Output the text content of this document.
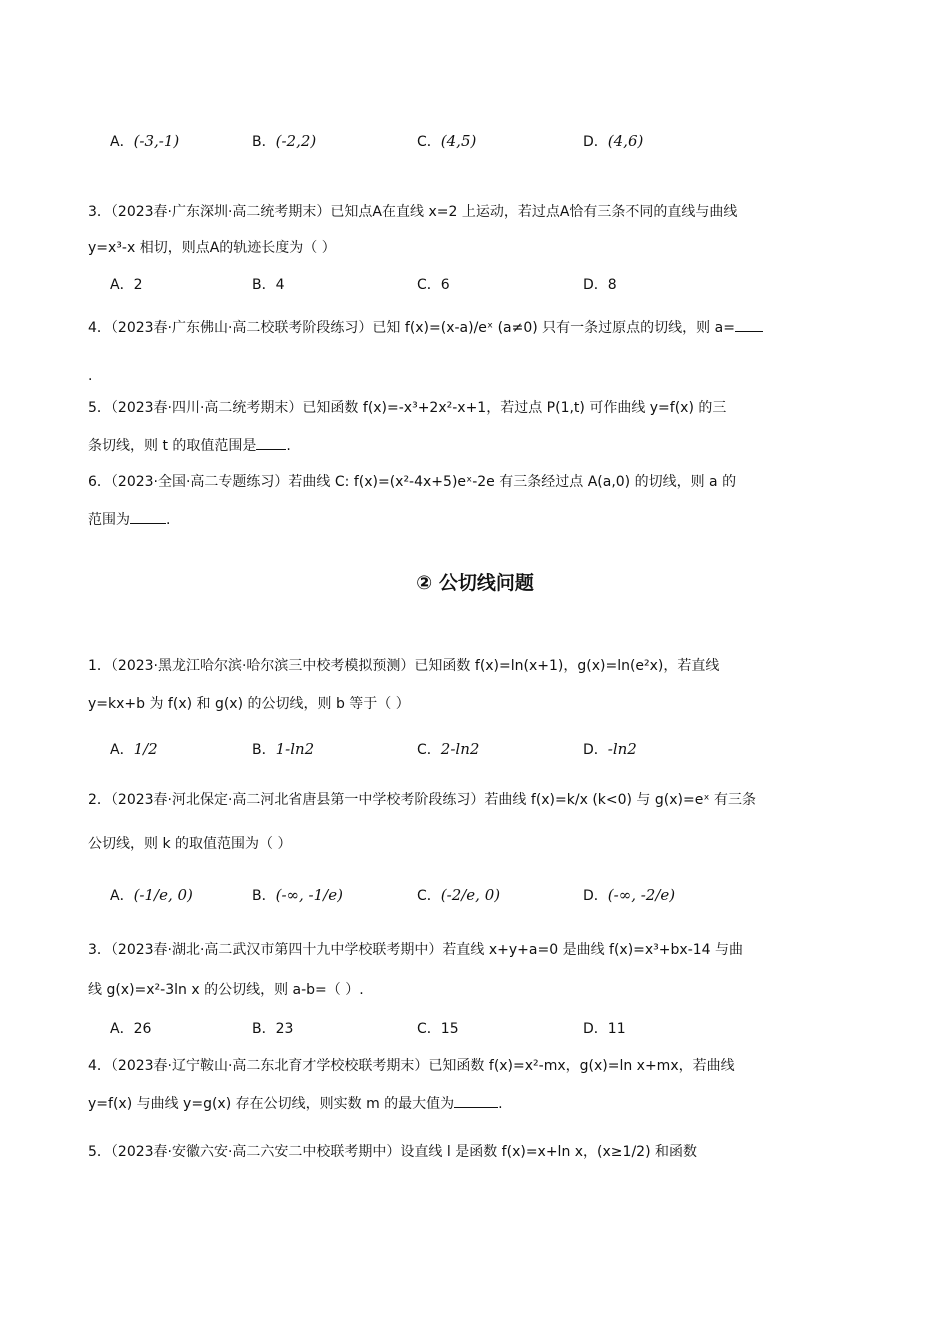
A．(-3,-1)	B．(-2,2)	C．(4,5)	D．(4,6)
3．（2023春·广东深圳·高二统考期末）已知点A在直线 x=2 上运动，若过点A恰有三条不同的直线与曲线
y=x³-x 相切，则点A的轨迹长度为（ ）
A．2	B．4	C．6	D．8
4．（2023春·广东佛山·高二校联考阶段练习）已知 f(x)=(x-a)/eˣ (a≠0) 只有一条过原点的切线，则 a=
.
5．（2023春·四川·高二统考期末）已知函数 f(x)=-x³+2x²-x+1，若过点 P(1,t) 可作曲线 y=f(x) 的三
条切线，则 t 的取值范围是 .
6．（2023·全国·高二专题练习）若曲线 C: f(x)=(x²-4x+5)eˣ-2e 有三条经过点 A(a,0) 的切线，则 a 的
范围为	.
② 公切线问题
1．（2023·黑龙江哈尔滨·哈尔滨三中校考模拟预测）已知函数 f(x)=ln(x+1)，g(x)=ln(e²x)，若直线
y=kx+b 为 f(x) 和 g(x) 的公切线，则 b 等于（ ）
A．1/2	B．1-ln2	C．2-ln2	D．-ln2
2．（2023春·河北保定·高二河北省唐县第一中学校考阶段练习）若曲线 f(x)=k/x (k<0) 与 g(x)=eˣ 有三条
公切线，则 k 的取值范围为（ ）
A．(-1/e, 0)	B．(-∞, -1/e)	C．(-2/e, 0)	D．(-∞, -2/e)
3．（2023春·湖北·高二武汉市第四十九中学校联考期中）若直线 x+y+a=0 是曲线 f(x)=x³+bx-14 与曲
线 g(x)=x²-3ln x 的公切线，则 a-b=（ ）.
A．26	B．23	C．15	D．11
4．（2023春·辽宁鞍山·高二东北育才学校校联考期末）已知函数 f(x)=x²-mx，g(x)=ln x+mx，若曲线
y=f(x) 与曲线 y=g(x) 存在公切线，则实数 m 的最大值为	.
5．（2023春·安徽六安·高二六安二中校联考期中）设直线 l 是函数 f(x)=x+ln x，(x≥1/2) 和函数
